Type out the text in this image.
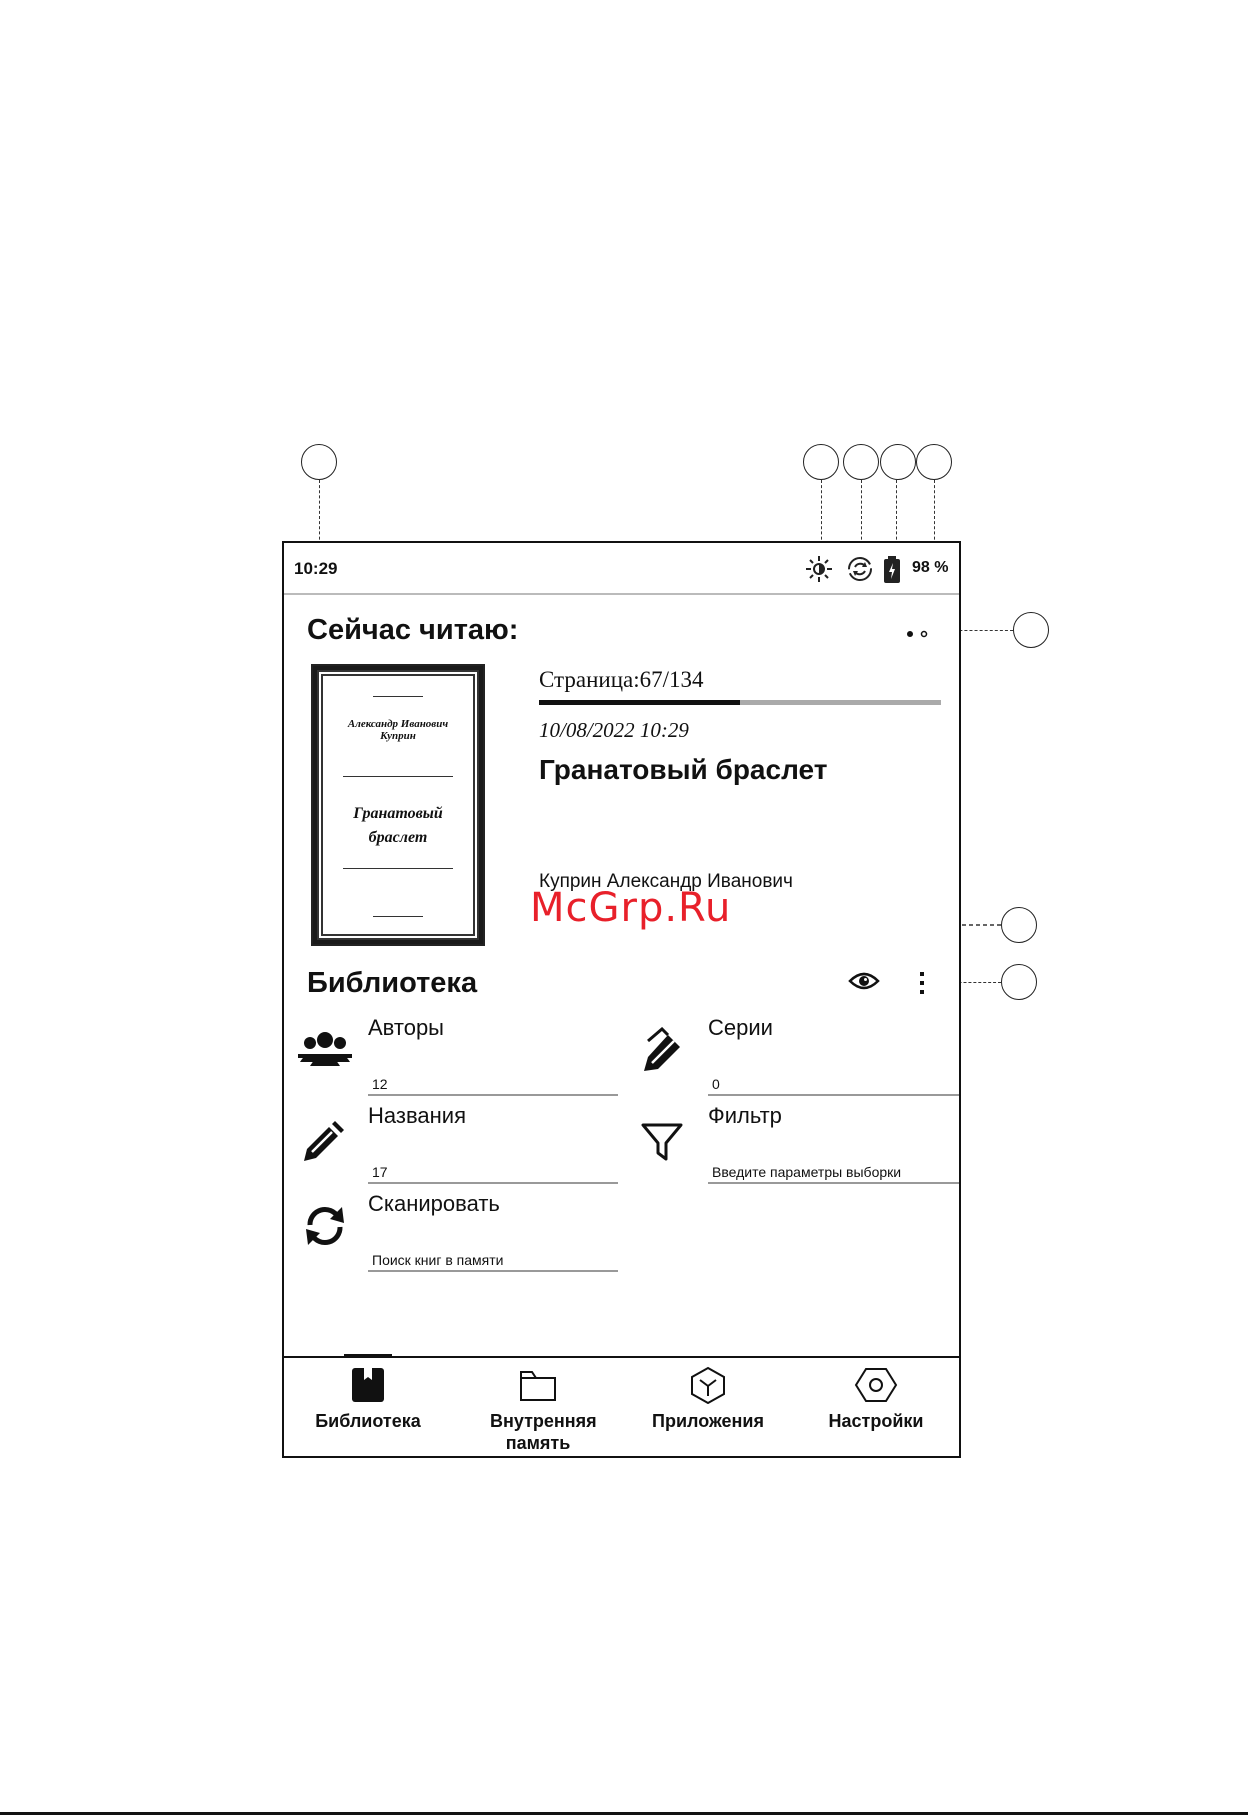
10:29	98 %
Сейчас читаю:
Александр Иванович Куприн
Гранатовый браслет
Страница:67/134
10/08/2022 10:29
Гранатовый браслет
Куприн Александр Иванович
Библиотека
Авторы
12
Серии
0
Названия
17
Фильтр
Введите параметры выборки
Сканировать
Поиск книг в памяти
Библиотека	Внутренняя память
Приложения	Настройки
McGrp.Ru
